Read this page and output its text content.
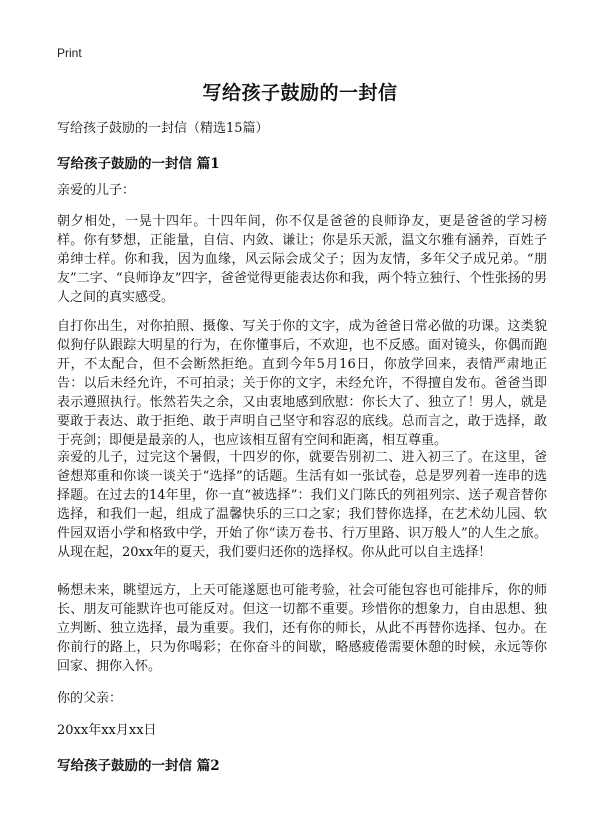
Print
写给孩子鼓励的一封信
写给孩子鼓励的一封信（精选15篇）
写给孩子鼓励的一封信 篇1
亲爱的儿子：
朝夕相处，一晃十四年。十四年间，你不仅是爸爸的良师诤友，更是爸爸的学习榜样。你有梦想，正能量，自信、内敛、谦让；你是乐天派，温文尔雅有涵养，百姓子弟绅士样。你和我，因为血缘，风云际会成父子；因为友情，多年父子成兄弟。“朋友”二字、“良师诤友”四字，爸爸觉得更能表达你和我，两个特立独行、个性张扬的男人之间的真实感受。
自打你出生，对你拍照、摄像、写关于你的文字，成为爸爸日常必做的功课。这类貌似狗仔队跟踪大明星的行为，在你懂事后，不欢迎，也不反感。面对镜头，你偶而跑开，不太配合，但不会断然拒绝。直到今年5月16日，你放学回来，表情严肃地正告：以后未经允许，不可拍录；关于你的文字，未经允许，不得擅自发布。爸爸当即表示遵照执行。怅然若失之余，又由衷地感到欣慰：你长大了、独立了！男人，就是要敢于表达、敢于拒绝、敢于声明自己坚守和容忍的底线。总而言之，敢于选择，敢于亮剑；即便是最亲的人，也应该相互留有空间和距离，相互尊重。
亲爱的儿子，过完这个暑假，十四岁的你，就要告别初二、进入初三了。在这里，爸爸想郑重和你谈一谈关于“选择”的话题。生活有如一张试卷，总是罗列着一连串的选择题。在过去的14年里，你一直“被选择”：我们义门陈氏的列祖列宗、送子观音替你选择，和我们一起，组成了温馨快乐的三口之家；我们替你选择，在艺术幼儿园、软件园双语小学和格致中学，开始了你“读万卷书、行万里路、识万般人”的人生之旅。从现在起，20xx年的夏天，我们要归还你的选择权。你从此可以自主选择！
畅想未来，眺望远方，上天可能遂愿也可能考验，社会可能包容也可能排斥，你的师长、朋友可能默许也可能反对。但这一切都不重要。珍惜你的想象力，自由思想、独立判断、独立选择，最为重要。我们，还有你的师长，从此不再替你选择、包办。在你前行的路上，只为你喝彩；在你奋斗的间歇，略感疲倦需要休憩的时候，永远等你回家、拥你入怀。
你的父亲：
20xx年xx月xx日
写给孩子鼓励的一封信 篇2
